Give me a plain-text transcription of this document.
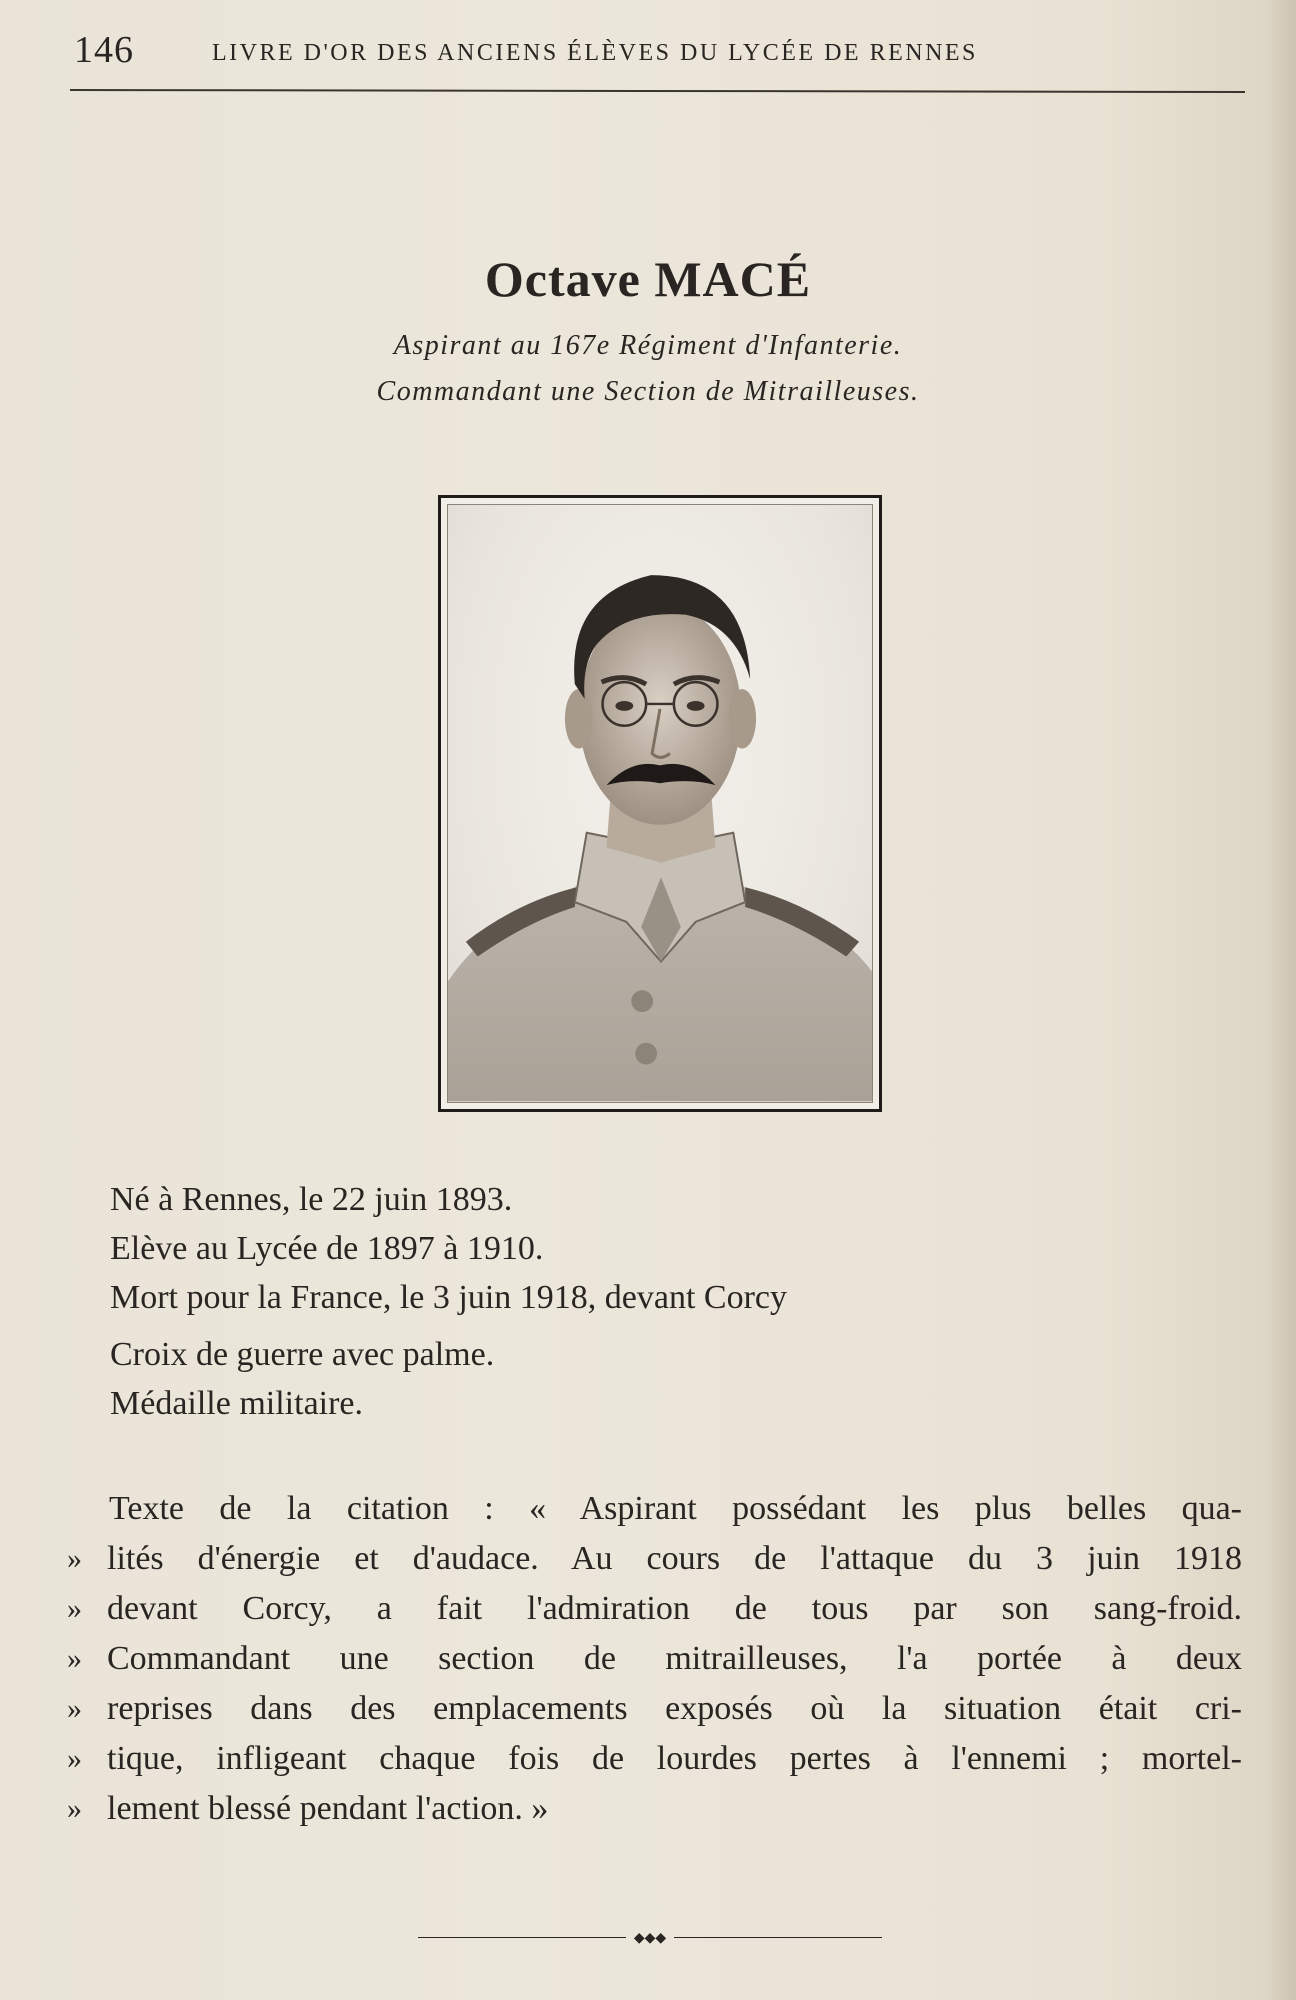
146	LIVRE D'OR DES ANCIENS ÉLÈVES DU LYCÉE DE RENNES
Octave MACÉ
Aspirant au 167e Régiment d'Infanterie.
Commandant une Section de Mitrailleuses.
Né à Rennes, le 22 juin 1893.
Elève au Lycée de 1897 à 1910.
Mort pour la France, le 3 juin 1918, devant Corcy
Croix de guerre avec palme.
Médaille militaire.
Texte de la citation : « Aspirant possédant les plus belles qua-
» lités d'énergie et d'audace. Au cours de l'attaque du 3 juin 1918
» devant Corcy, a fait l'admiration de tous par son sang-froid.
» Commandant une section de mitrailleuses, l'a portée à deux
» reprises dans des emplacements exposés où la situation était cri-
» tique, infligeant chaque fois de lourdes pertes à l'ennemi ; mortel-
» lement blessé pendant l'action. »
◆◆◆
